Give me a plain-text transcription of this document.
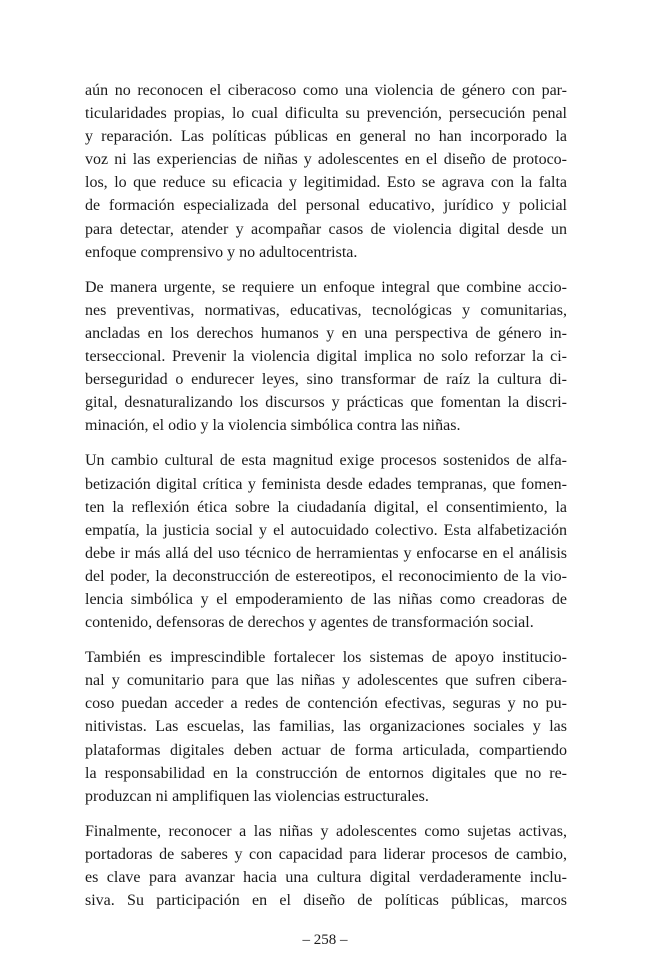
aún no reconocen el ciberacoso como una violencia de género con par-
ticularidades propias, lo cual dificulta su prevención, persecución penal
y reparación. Las políticas públicas en general no han incorporado la
voz ni las experiencias de niñas y adolescentes en el diseño de protoco-
los, lo que reduce su eficacia y legitimidad. Esto se agrava con la falta
de formación especializada del personal educativo, jurídico y policial
para detectar, atender y acompañar casos de violencia digital desde un
enfoque comprensivo y no adultocentrista.

De manera urgente, se requiere un enfoque integral que combine accio-
nes preventivas, normativas, educativas, tecnológicas y comunitarias,
ancladas en los derechos humanos y en una perspectiva de género in-
terseccional. Prevenir la violencia digital implica no solo reforzar la ci-
berseguridad o endurecer leyes, sino transformar de raíz la cultura di-
gital, desnaturalizando los discursos y prácticas que fomentan la discri-
minación, el odio y la violencia simbólica contra las niñas.

Un cambio cultural de esta magnitud exige procesos sostenidos de alfa-
betización digital crítica y feminista desde edades tempranas, que fomen-
ten la reflexión ética sobre la ciudadanía digital, el consentimiento, la
empatía, la justicia social y el autocuidado colectivo. Esta alfabetización
debe ir más allá del uso técnico de herramientas y enfocarse en el análisis
del poder, la deconstrucción de estereotipos, el reconocimiento de la vio-
lencia simbólica y el empoderamiento de las niñas como creadoras de
contenido, defensoras de derechos y agentes de transformación social.

También es imprescindible fortalecer los sistemas de apoyo institucio-
nal y comunitario para que las niñas y adolescentes que sufren cibera-
coso puedan acceder a redes de contención efectivas, seguras y no pu-
nitivistas. Las escuelas, las familias, las organizaciones sociales y las
plataformas digitales deben actuar de forma articulada, compartiendo
la responsabilidad en la construcción de entornos digitales que no re-
produzcan ni amplifiquen las violencias estructurales.

Finalmente, reconocer a las niñas y adolescentes como sujetas activas,
portadoras de saberes y con capacidad para liderar procesos de cambio,
es clave para avanzar hacia una cultura digital verdaderamente inclu-
siva. Su participación en el diseño de políticas públicas, marcos

– 258 –
